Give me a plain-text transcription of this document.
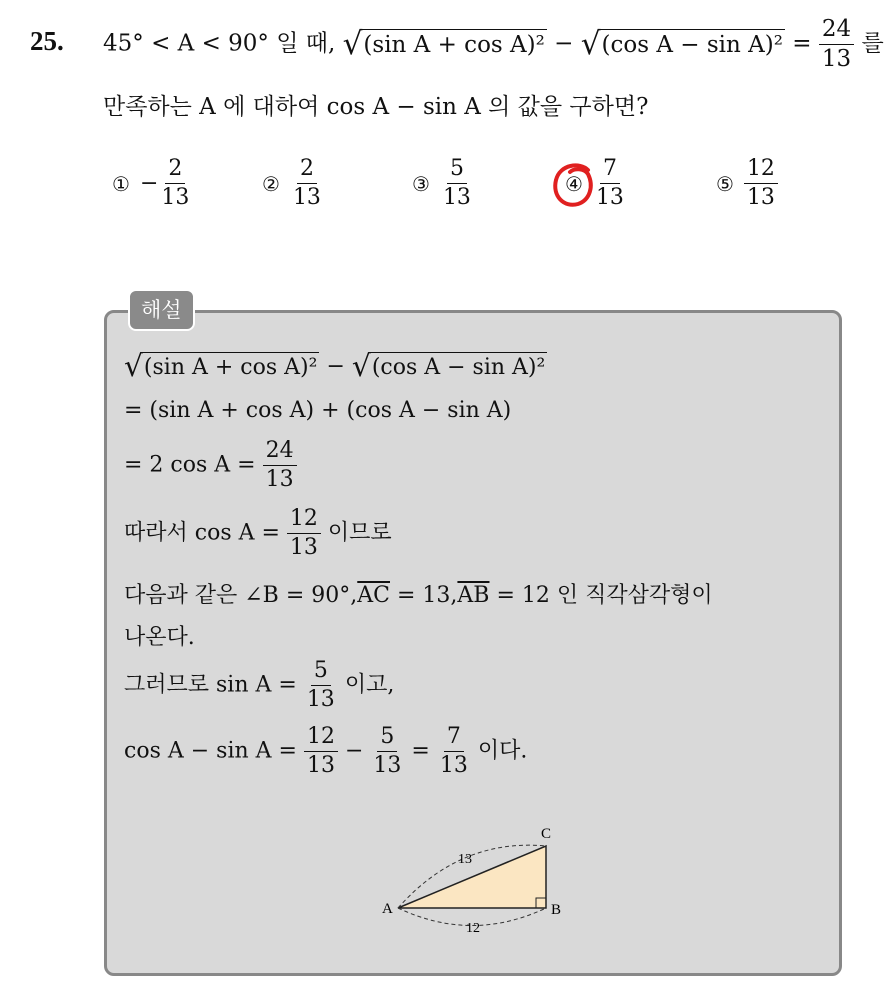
25. 45° < A < 90° 일 때, √ (sin A + cos A)² − √ (cos $A - \sin A)^2 = \frac{24}{13}$ 를
만족하는 A 에 대하여 cos A − sin A 의 값을 구하면?
① − $\frac{2}{13}$	② $\frac{2}{13}$	③ $\frac{5}{13}$	④ $\frac{7}{13}$	⑤ $\frac{12}{13}$
해설
√ (sin A + cos A)² − √ (cos A − sin A)²
= (sin A + cos A) + (cos A − sin A)
= 2 $\cos A = \frac{24}{13}$
따라서 $\cos A = \frac{12}{13}$ 이므로
다음과 같은 ∠B = $90^\circ,\overline{AC} = 13,\overline{AB} = 12$ 인 직각삼각형이
나온다.
그러므로 $\sin A = \frac{5}{13}$ 이고,
$\cos A - \sin A = \frac{12}{13} - \frac{5}{13} = \frac{7}{13}$ 이다.
A	B
C
13
12
